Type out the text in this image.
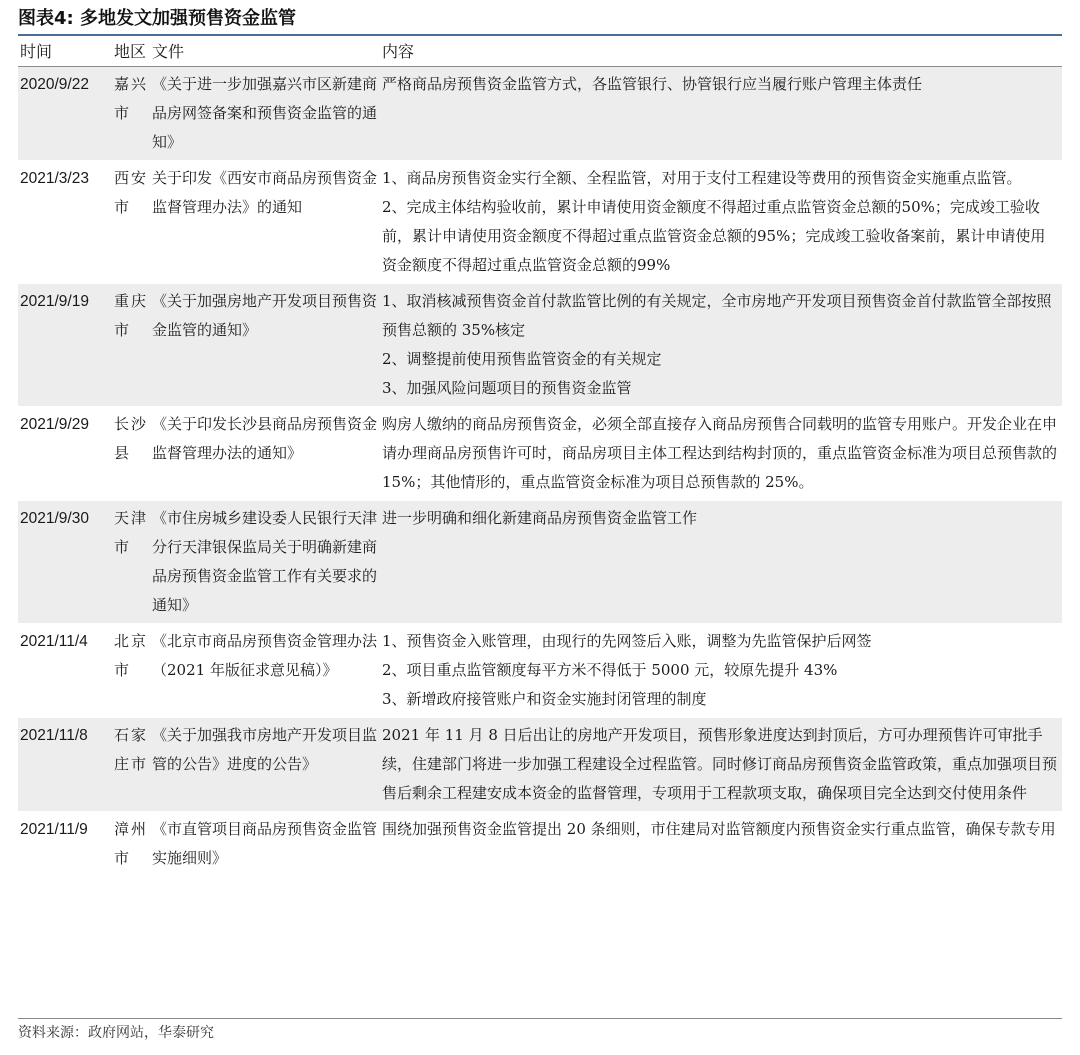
图表4: 多地发文加强预售资金监管
时间	地区	文件	内容
2020/9/22	嘉兴市	《关于进一步加强嘉兴市区新建商品房网签备案和预售资金监管的通知》	严格商品房预售资金监管方式，各监管银行、协管银行应当履行账户管理主体责任

2021/3/23	西安市	关于印发《西安市商品房预售资金监督管理办法》的通知	1、商品房预售资金实行全额、全程监管，对用于支付工程建设等费用的预售资金实施重点监管。
2、完成主体结构验收前，累计申请使用资金额度不得超过重点监管资金总额的50%；完成竣工验收前，累计申请使用资金额度不得超过重点监管资金总额的95%；完成竣工验收备案前，累计申请使用资金额度不得超过重点监管资金总额的99%

2021/9/19	重庆市	《关于加强房地产开发项目预售资金监管的通知》	1、取消核减预售资金首付款监管比例的有关规定，全市房地产开发项目预售资金首付款监管全部按照预售总额的 35%核定
2、调整提前使用预售监管资金的有关规定
3、加强风险问题项目的预售资金监管

2021/9/29	长沙县	《关于印发长沙县商品房预售资金监督管理办法的通知》	购房人缴纳的商品房预售资金，必须全部直接存入商品房预售合同载明的监管专用账户。开发企业在申请办理商品房预售许可时，商品房项目主体工程达到结构封顶的，重点监管资金标准为项目总预售款的 15%；其他情形的，重点监管资金标准为项目总预售款的 25%。

2021/9/30	天津市	《市住房城乡建设委人民银行天津分行天津银保监局关于明确新建商品房预售资金监管工作有关要求的通知》	进一步明确和细化新建商品房预售资金监管工作

2021/11/4	北京市	《北京市商品房预售资金管理办法（2021 年版征求意见稿）》	1、预售资金入账管理，由现行的先网签后入账，调整为先监管保护后网签
2、项目重点监管额度每平方米不得低于 5000 元，较原先提升 43%
3、新增政府接管账户和资金实施封闭管理的制度

2021/11/8	石家庄市	《关于加强我市房地产开发项目监管的公告》进度的公告》	2021 年 11 月 8 日后出让的房地产开发项目，预售形象进度达到封顶后，方可办理预售许可审批手续，住建部门将进一步加强工程建设全过程监管。同时修订商品房预售资金监管政策，重点加强项目预售后剩余工程建安成本资金的监督管理，专项用于工程款项支取，确保项目完全达到交付使用条件

2021/11/9	漳州市	《市直管项目商品房预售资金监管实施细则》	围绕加强预售资金监管提出 20 条细则，市住建局对监管额度内预售资金实行重点监管，确保专款专用
资料来源：政府网站，华泰研究
